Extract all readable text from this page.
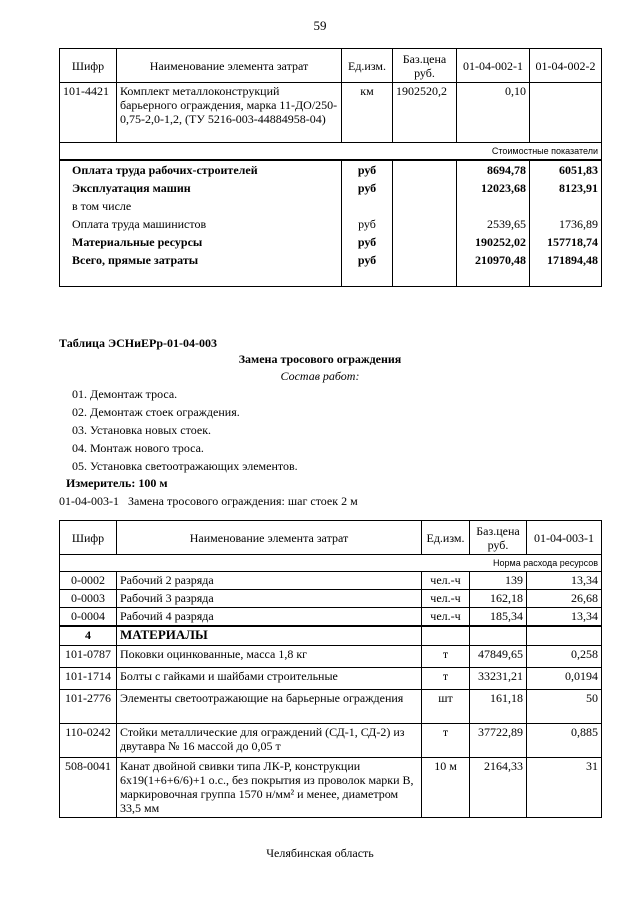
59
Шифр	Наименование элемента затрат	Ед.изм.	Баз.цена руб.	01-04-002-1	01-04-002-2
101-4421	Комплект металлоконструкций барьерного ограждения, марка 11-ДО/250-0,75-2,0-1,2, (ТУ 5216-003-44884958-04)	км	1902520,2	0,10	
Стоимостные показатели					
Оплата труда рабочих-строителей	руб		8694,78	6051,83
Эксплуатация машин	руб		12023,68	8123,91
в том числе				
Оплата труда машинистов	руб		2539,65	1736,89
Материальные ресурсы	руб		190252,02	157718,74
Всего, прямые затраты	руб		210970,48	171894,48

Таблица ЭСНиЕРр-01-04-003
Замена тросового ограждения
Состав работ:

01. Демонтаж троса.

02. Демонтаж стоек ограждения.

03. Установка новых стоек.

04. Монтаж нового троса.

05. Установка светоотражающих элементов.

Измеритель: 100 м
01-04-003-1   Замена тросового ограждения: шаг стоек 2 м
Шифр	Наименование элемента затрат	Ед.изм.	Баз.цена руб.	01-04-003-1
Норма расхода ресурсов				
0-0002	Рабочий 2 разряда	чел.-ч	139	13,34
0-0003	Рабочий 3 разряда	чел.-ч	162,18	26,68
0-0004	Рабочий 4 разряда	чел.-ч	185,34	13,34
4	МАТЕРИАЛЫ			
101-0787	Поковки оцинкованные, масса 1,8 кг	т	47849,65	0,258
101-1714	Болты с гайками и шайбами строительные	т	33231,21	0,0194
101-2776	Элементы светоотражающие на барьерные ограждения	шт	161,18	50
110-0242	Стойки металлические для ограждений (СД-1, СД-2) из двутавра № 16 массой до 0,05 т	т	37722,89	0,885
508-0041	Канат двойной свивки типа ЛК-Р, конструкции 6х19(1+6+6/6)+1 о.с., без покрытия из проволок марки В, маркировочная группа 1570 н/мм² и менее, диаметром 33,5 мм	10 м	2164,33	31
Челябинская область
